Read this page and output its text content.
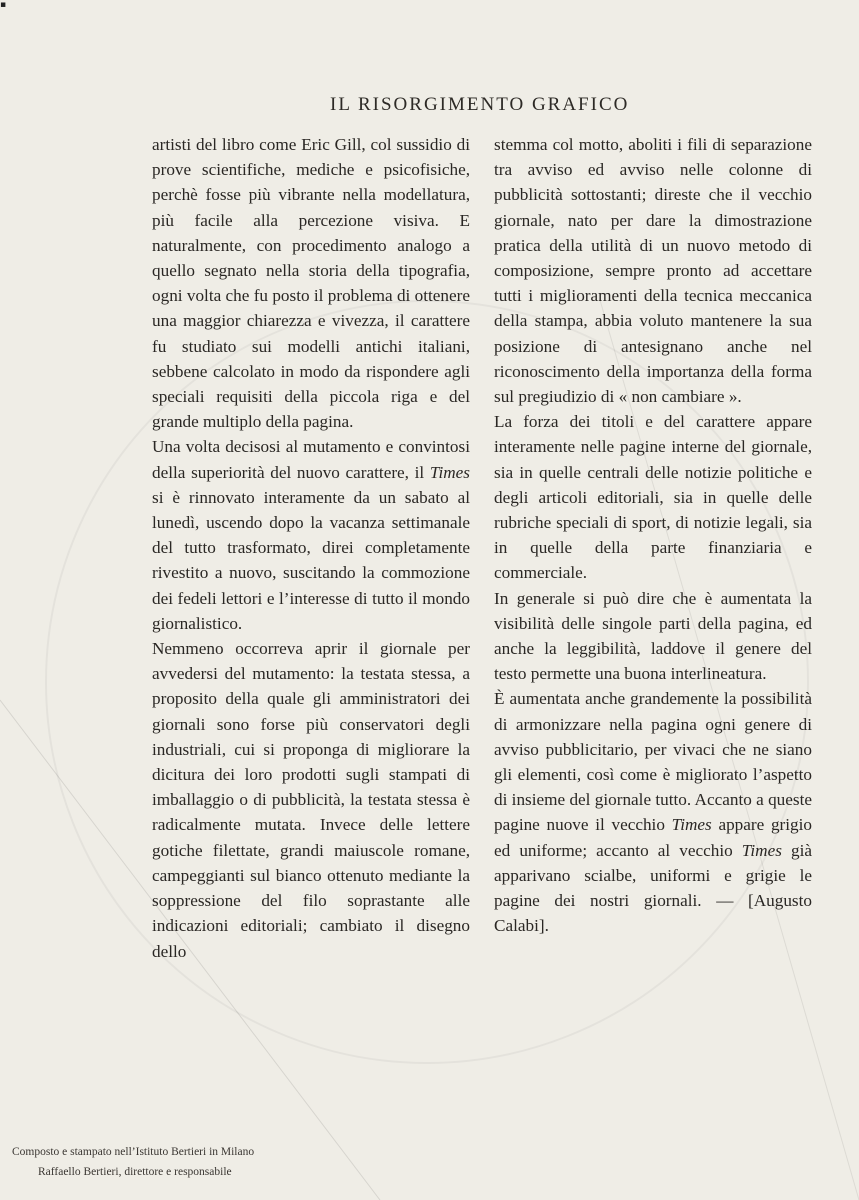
▪
IL RISORGIMENTO GRAFICO

artisti del libro come Eric Gill, col sussidio di prove scientifiche, mediche e psicofisiche, perchè fosse più vibrante nella modellatura, più facile alla percezione visiva. E naturalmente, con procedimento analogo a quello segnato nella storia della tipografia, ogni volta che fu posto il problema di ottenere una maggior chiarezza e vivezza, il carattere fu studiato sui modelli antichi italiani, sebbene calcolato in modo da rispondere agli speciali requisiti della piccola riga e del grande multiplo della pagina.

Una volta decisosi al mutamento e convintosi della superiorità del nuovo carattere, il Times si è rinnovato interamente da un sabato al lunedì, uscendo dopo la vacanza settimanale del tutto trasformato, direi completamente rivestito a nuovo, suscitando la commozione dei fedeli lettori e l’interesse di tutto il mondo giornalistico.

Nemmeno occorreva aprir il giornale per avvedersi del mutamento: la testata stessa, a proposito della quale gli amministratori dei giornali sono forse più conservatori degli industriali, cui si proponga di migliorare la dicitura dei loro prodotti sugli stampati di imballaggio o di pubblicità, la testata stessa è radicalmente mutata. Invece delle lettere gotiche filettate, grandi maiuscole romane, campeggianti sul bianco ottenuto mediante la soppressione del filo soprastante alle indicazioni editoriali; cambiato il disegno dello

stemma col motto, aboliti i fili di separazione tra avviso ed avviso nelle colonne di pubblicità sottostanti; direste che il vecchio giornale, nato per dare la dimostrazione pratica della utilità di un nuovo metodo di composizione, sempre pronto ad accettare tutti i miglioramenti della tecnica meccanica della stampa, abbia voluto mantenere la sua posizione di antesignano anche nel riconoscimento della importanza della forma sul pregiudizio di « non cambiare ».

La forza dei titoli e del carattere appare interamente nelle pagine interne del giornale, sia in quelle centrali delle notizie politiche e degli articoli editoriali, sia in quelle delle rubriche speciali di sport, di notizie legali, sia in quelle della parte finanziaria e commerciale.

In generale si può dire che è aumentata la visibilità delle singole parti della pagina, ed anche la leggibilità, laddove il genere del testo permette una buona interlineatura.

È aumentata anche grandemente la possibilità di armonizzare nella pagina ogni genere di avviso pubblicitario, per vivaci che ne siano gli elementi, così come è migliorato l’aspetto di insieme del giornale tutto. Accanto a queste pagine nuove il vecchio Times appare grigio ed uniforme; accanto al vecchio Times già apparivano scialbe, uniformi e grigie le pagine dei nostri giornali. — [Augusto Calabi].

Composto e stampato nell’Istituto Bertieri in Milano
Raffaello Bertieri, direttore e responsabile
